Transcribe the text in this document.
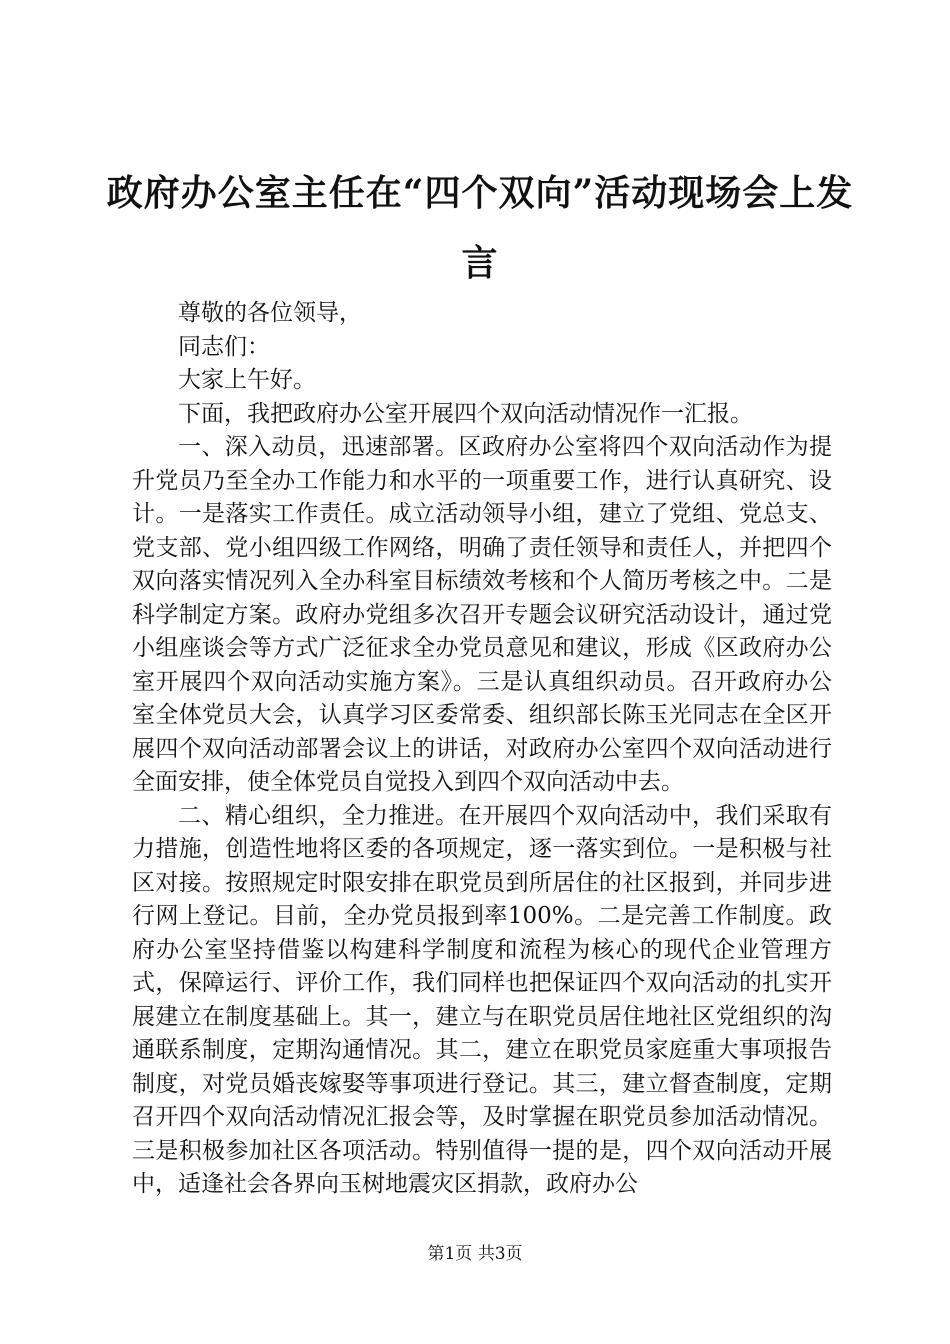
政府办公室主任在“四个双向”活动现场会上发言

尊敬的各位领导，

同志们：

大家上午好。

下面，我把政府办公室开展四个双向活动情况作一汇报。

一、深入动员，迅速部署。区政府办公室将四个双向活动作为提升党员乃至全办工作能力和水平的一项重要工作，进行认真研究、设计。一是落实工作责任。成立活动领导小组，建立了党组、党总支、党支部、党小组四级工作网络，明确了责任领导和责任人，并把四个双向落实情况列入全办科室目标绩效考核和个人简历考核之中。二是科学制定方案。政府办党组多次召开专题会议研究活动设计，通过党小组座谈会等方式广泛征求全办党员意见和建议，形成《区政府办公室开展四个双向活动实施方案》。三是认真组织动员。召开政府办公室全体党员大会，认真学习区委常委、组织部长陈玉光同志在全区开展四个双向活动部署会议上的讲话，对政府办公室四个双向活动进行全面安排，使全体党员自觉投入到四个双向活动中去。

二、精心组织，全力推进。在开展四个双向活动中，我们采取有力措施，创造性地将区委的各项规定，逐一落实到位。一是积极与社区对接。按照规定时限安排在职党员到所居住的社区报到，并同步进行网上登记。目前，全办党员报到率100%。二是完善工作制度。政府办公室坚持借鉴以构建科学制度和流程为核心的现代企业管理方式，保障运行、评价工作，我们同样也把保证四个双向活动的扎实开展建立在制度基础上。其一，建立与在职党员居住地社区党组织的沟通联系制度，定期沟通情况。其二，建立在职党员家庭重大事项报告制度，对党员婚丧嫁娶等事项进行登记。其三，建立督查制度，定期召开四个双向活动情况汇报会等，及时掌握在职党员参加活动情况。三是积极参加社区各项活动。特别值得一提的是，四个双向活动开展中，适逢社会各界向玉树地震灾区捐款，政府办公

第1页 共3页
